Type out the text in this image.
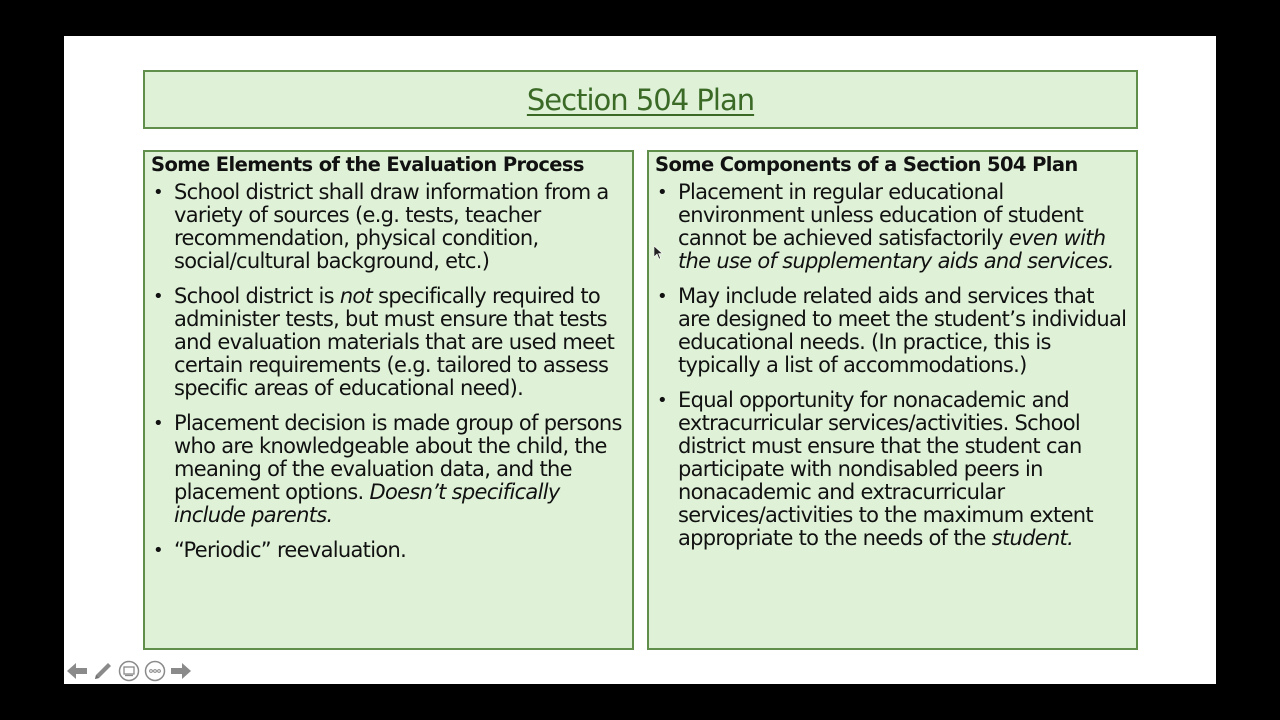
Section 504 Plan
Some Elements of the Evaluation Process
• School district shall draw information from a variety of sources (e.g. tests, teacher recommendation, physical condition, social/cultural background, etc.)
• School district is not specifically required to administer tests, but must ensure that tests and evaluation materials that are used meet certain requirements (e.g. tailored to assess specific areas of educational need).
• Placement decision is made group of persons who are knowledgeable about the child, the meaning of the evaluation data, and the placement options. Doesn’t specifically include parents.
• “Periodic” reevaluation.
Some Components of a Section 504 Plan
• Placement in regular educational environment unless education of student cannot be achieved satisfactorily even with the use of supplementary aids and services.
• May include related aids and services that are designed to meet the student’s individual educational needs. (In practice, this is typically a list of accommodations.)
• Equal opportunity for nonacademic and extracurricular services/activities. School district must ensure that the student can participate with nondisabled peers in nonacademic and extracurricular services/activities to the maximum extent appropriate to the needs of the student.
